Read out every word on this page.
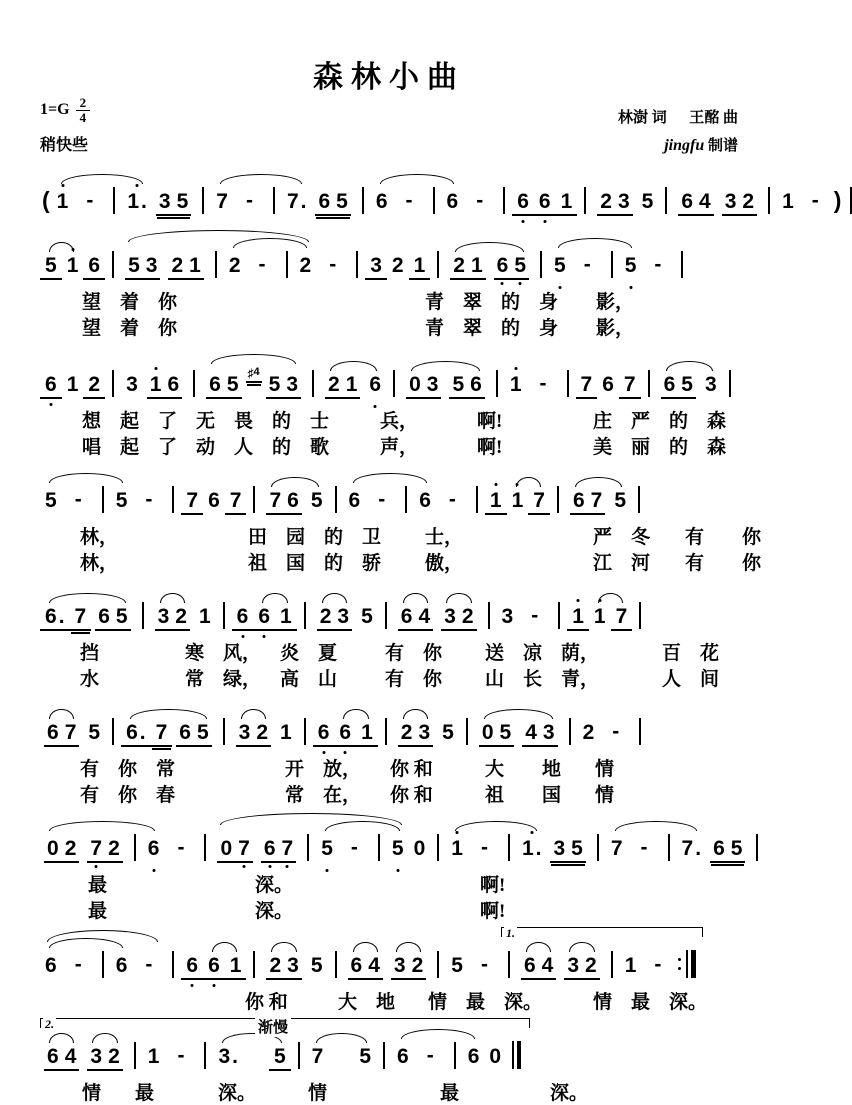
森林小曲
$1=G \frac{2}{4}$
稍快些
林澍 词   王酩 曲
jingfu 制谱
( 1 -	1. 3 5 7 -	7. 6 5 6 -	6 -	6 6 1 2 3 5 6 4 3 2 1 - )
5 1 6 5 3 2 1 2 -	2 -	3 2 1 2 1 6 5 5 -	5 -
望　着　你	青　翠　的　身 影，
望　着　你	青　翠　的　身 影，
6 1 2 3 1 6 6 5 ♯4
5 3 2 1 6 0 3 5 6 1 -	7 6 7 6 5 3
想　起　了　无　畏　的　士	兵，	啊!	庄　严　的　森
唱　起　了　动　人　的　歌	声，	啊!	美　丽　的　森
5 -	5 -	7 6 7 7 6 5 6 -	6 -	1 1 7 6 7 5
林，	田　园　的　卫 士，	严　冬 有　　你
林，	祖　国　的　骄 傲，	江　河 有　　你
6. 7 6 5 3 2 1 6 6 1 2 3 5 6 4 3 2 3 -	1 1 7
挡	寒　风， 炎　夏	有　你 送　凉　荫，	百　花
水	常　绿， 高　山	有　你 山　长　青，	人　间
6 7 5 6. 7 6 5 3 2 1 6 6 1 2 3 5 0 5 4 3 2 -
有　你　常	开　放， 你 和	大　　地 情
有　你　春	常　在， 你 和	祖　　国 情
0 2 7 2 6 -	0 7 6 7 5 -	5 0 1 -	1. 3 5 7 -	7. 6 5
最	深。	啊!
最	深。	啊!
6 -	6 -	6 6 1 2 3 5 6 4 3 2 5 -
1.
6 4 3 2 1 -
你 和	大　地 情　最　深。	情　最　深。
渐慢
2.
6 4 3 2 1 -	3. 5 7 5 6 -	6 0
情 最	深。	情	最	深。
